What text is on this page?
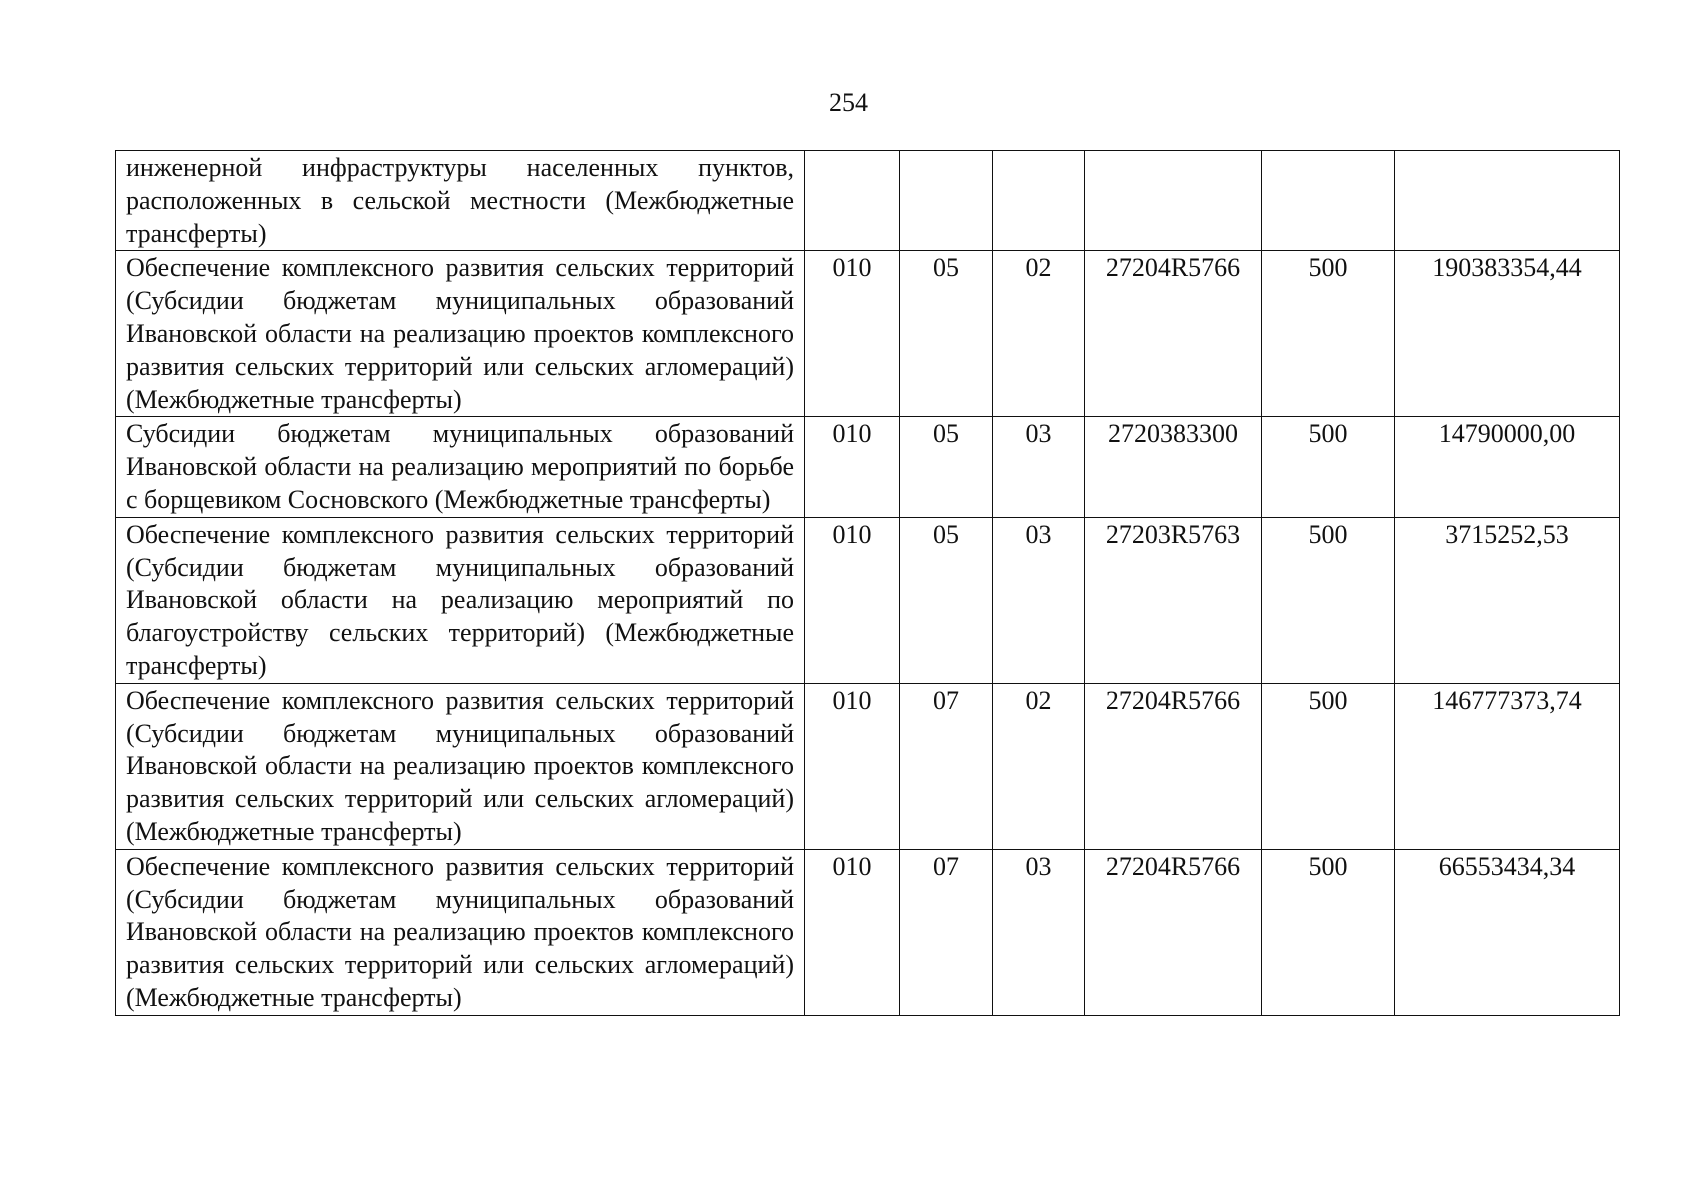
254
инженерной инфраструктуры населенных пунктов, расположенных в сельской местности (Межбюджетные трансферты)						
Обеспечение комплексного развития сельских территорий (Субсидии бюджетам муниципальных образований Ивановской области на реализацию проектов комплексного развития сельских территорий или сельских агломераций) (Межбюджетные трансферты)	010	05	02	27204R5766	500	190383354,44
Субсидии бюджетам муниципальных образований Ивановской области на реализацию мероприятий по борьбе с борщевиком Сосновского (Межбюджетные трансферты)	010	05	03	2720383300	500	14790000,00
Обеспечение комплексного развития сельских территорий (Субсидии бюджетам муниципальных образований Ивановской области на реализацию мероприятий по благоустройству сельских территорий) (Межбюджетные трансферты)	010	05	03	27203R5763	500	3715252,53
Обеспечение комплексного развития сельских территорий (Субсидии бюджетам муниципальных образований Ивановской области на реализацию проектов комплексного развития сельских территорий или сельских агломераций) (Межбюджетные трансферты)	010	07	02	27204R5766	500	146777373,74
Обеспечение комплексного развития сельских территорий (Субсидии бюджетам муниципальных образований Ивановской области на реализацию проектов комплексного развития сельских территорий или сельских агломераций) (Межбюджетные трансферты)	010	07	03	27204R5766	500	66553434,34
